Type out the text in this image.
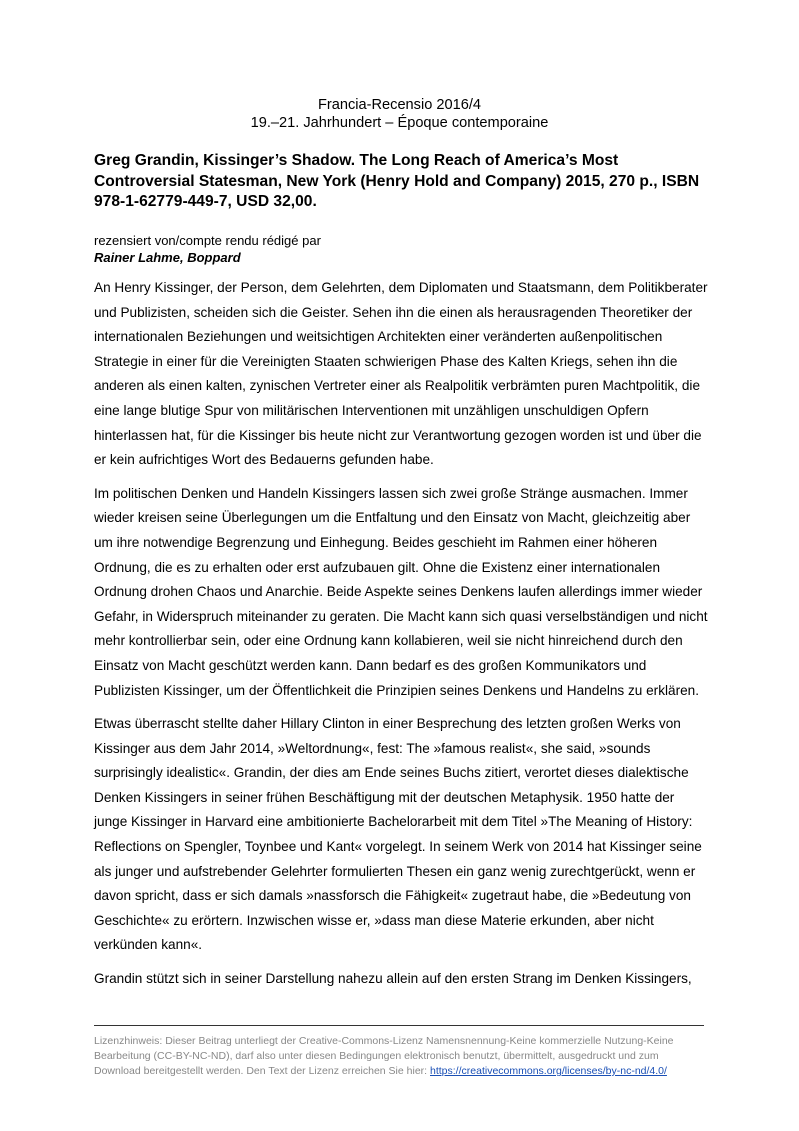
Francia-Recensio 2016/4
19.–21. Jahrhundert – Époque contemporaine
Greg Grandin, Kissinger’s Shadow. The Long Reach of America’s Most Controversial Statesman, New York (Henry Hold and Company) 2015, 270 p., ISBN 978-1-62779-449-7, USD 32,00.
rezensiert von/compte rendu rédigé par
Rainer Lahme, Boppard

An Henry Kissinger, der Person, dem Gelehrten, dem Diplomaten und Staatsmann, dem Politikberater und Publizisten, scheiden sich die Geister. Sehen ihn die einen als herausragenden Theoretiker der internationalen Beziehungen und weitsichtigen Architekten einer veränderten außenpolitischen Strategie in einer für die Vereinigten Staaten schwierigen Phase des Kalten Kriegs, sehen ihn die anderen als einen kalten, zynischen Vertreter einer als Realpolitik verbrämten puren Machtpolitik, die eine lange blutige Spur von militärischen Interventionen mit unzähligen unschuldigen Opfern hinterlassen hat, für die Kissinger bis heute nicht zur Verantwortung gezogen worden ist und über die er kein aufrichtiges Wort des Bedauerns gefunden habe.

Im politischen Denken und Handeln Kissingers lassen sich zwei große Stränge ausmachen. Immer wieder kreisen seine Überlegungen um die Entfaltung und den Einsatz von Macht, gleichzeitig aber um ihre notwendige Begrenzung und Einhegung. Beides geschieht im Rahmen einer höheren Ordnung, die es zu erhalten oder erst aufzubauen gilt. Ohne die Existenz einer internationalen Ordnung drohen Chaos und Anarchie. Beide Aspekte seines Denkens laufen allerdings immer wieder Gefahr, in Widerspruch miteinander zu geraten. Die Macht kann sich quasi verselbständigen und nicht mehr kontrollierbar sein, oder eine Ordnung kann kollabieren, weil sie nicht hinreichend durch den Einsatz von Macht geschützt werden kann. Dann bedarf es des großen Kommunikators und Publizisten Kissinger, um der Öffentlichkeit die Prinzipien seines Denkens und Handelns zu erklären.

Etwas überrascht stellte daher Hillary Clinton in einer Besprechung des letzten großen Werks von Kissinger aus dem Jahr 2014, »Weltordnung«, fest: The »famous realist«, she said, »sounds surprisingly idealistic«. Grandin, der dies am Ende seines Buchs zitiert, verortet dieses dialektische Denken Kissingers in seiner frühen Beschäftigung mit der deutschen Metaphysik. 1950 hatte der junge Kissinger in Harvard eine ambitionierte Bachelorarbeit mit dem Titel »The Meaning of History: Reflections on Spengler, Toynbee und Kant« vorgelegt. In seinem Werk von 2014 hat Kissinger seine als junger und aufstrebender Gelehrter formulierten Thesen ein ganz wenig zurechtgerückt, wenn er davon spricht, dass er sich damals »nassforsch die Fähigkeit« zugetraut habe, die »Bedeutung von Geschichte« zu erörtern. Inzwischen wisse er, »dass man diese Materie erkunden, aber nicht verkünden kann«.

Grandin stützt sich in seiner Darstellung nahezu allein auf den ersten Strang im Denken Kissingers,

Lizenzhinweis: Dieser Beitrag unterliegt der Creative-Commons-Lizenz Namensnennung-Keine kommerzielle Nutzung-Keine Bearbeitung (CC-BY-NC-ND), darf also unter diesen Bedingungen elektronisch benutzt, übermittelt, ausgedruckt und zum Download bereitgestellt werden. Den Text der Lizenz erreichen Sie hier: https://creativecommons.org/licenses/by-nc-nd/4.0/
